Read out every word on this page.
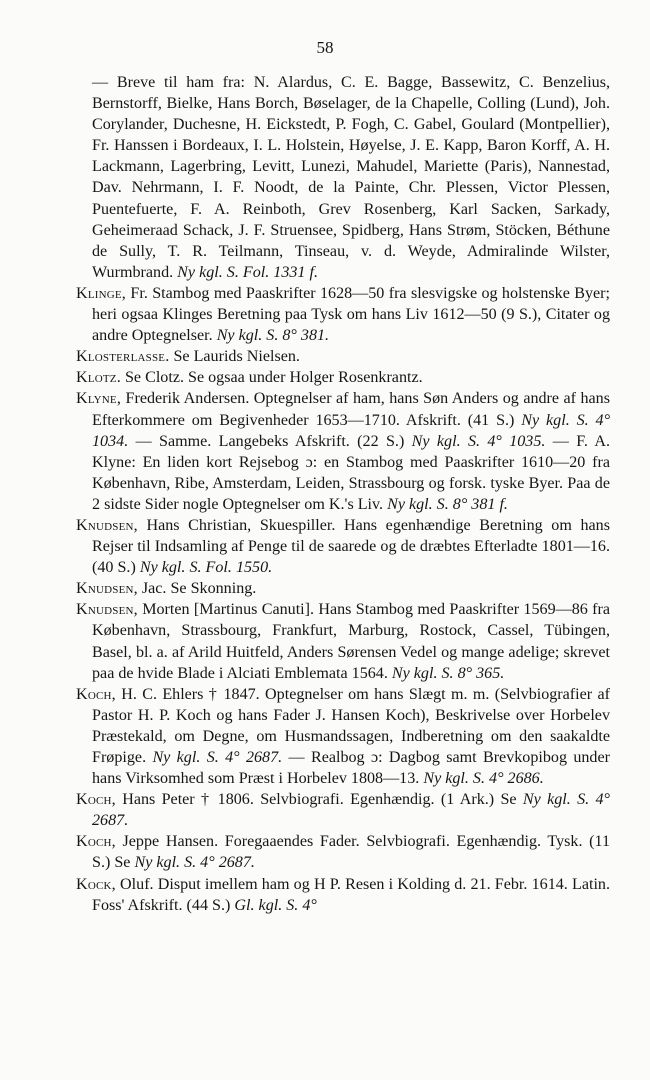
58
— Breve til ham fra: N. Alardus, C. E. Bagge, Bassewitz, C. Benzelius, Bernstorff, Bielke, Hans Borch, Bøselager, de la Chapelle, Colling (Lund), Joh. Corylander, Duchesne, H. Eickstedt, P. Fogh, C. Gabel, Goulard (Montpellier), Fr. Hanssen i Bordeaux, I. L. Holstein, Høyelse, J. E. Kapp, Baron Korff, A. H. Lackmann, Lagerbring, Levitt, Lunezi, Mahudel, Mariette (Paris), Nannestad, Dav. Nehrmann, I. F. Noodt, de la Painte, Chr. Plessen, Victor Plessen, Puentefuerte, F. A. Reinboth, Grev Rosenberg, Karl Sacken, Sarkady, Geheimeraad Schack, J. F. Struensee, Spidberg, Hans Strøm, Stöcken, Béthune de Sully, T. R. Teilmann, Tinseau, v. d. Weyde, Admiralinde Wilster, Wurmbrand. Ny kgl. S. Fol. 1331 f.
Klinge, Fr. Stambog med Paaskrifter 1628—50 fra slesvigske og holstenske Byer; heri ogsaa Klinges Beretning paa Tysk om hans Liv 1612—50 (9 S.), Citater og andre Optegnelser. Ny kgl. S. 8° 381.
Klosterlasse. Se Laurids Nielsen.
Klotz. Se Clotz. Se ogsaa under Holger Rosenkrantz.
Klyne, Frederik Andersen. Optegnelser af ham, hans Søn Anders og andre af hans Efterkommere om Begivenheder 1653—1710. Afskrift. (41 S.) Ny kgl. S. 4° 1034. — Samme. Langebeks Afskrift. (22 S.) Ny kgl. S. 4° 1035. — F. A. Klyne: En liden kort Rejsebog ɔ: en Stambog med Paaskrifter 1610—20 fra København, Ribe, Amsterdam, Leiden, Strassbourg og forsk. tyske Byer. Paa de 2 sidste Sider nogle Optegnelser om K.'s Liv. Ny kgl. S. 8° 381 f.
Knudsen, Hans Christian, Skuespiller. Hans egenhændige Beretning om hans Rejser til Indsamling af Penge til de saarede og de dræbtes Efterladte 1801—16. (40 S.) Ny kgl. S. Fol. 1550.
Knudsen, Jac. Se Skonning.
Knudsen, Morten [Martinus Canuti]. Hans Stambog med Paaskrifter 1569—86 fra København, Strassbourg, Frankfurt, Marburg, Rostock, Cassel, Tübingen, Basel, bl. a. af Arild Huitfeld, Anders Sørensen Vedel og mange adelige; skrevet paa de hvide Blade i Alciati Emblemata 1564. Ny kgl. S. 8° 365.
Koch, H. C. Ehlers † 1847. Optegnelser om hans Slægt m. m. (Selvbiografier af Pastor H. P. Koch og hans Fader J. Hansen Koch), Beskrivelse over Horbelev Præstekald, om Degne, om Husmandssagen, Indberetning om den saakaldte Frøpige. Ny kgl. S. 4° 2687. — Realbog ɔ: Dagbog samt Brevkopibog under hans Virksomhed som Præst i Horbelev 1808—13. Ny kgl. S. 4° 2686.
Koch, Hans Peter † 1806. Selvbiografi. Egenhændig. (1 Ark.) Se Ny kgl. S. 4° 2687.
Koch, Jeppe Hansen. Foregaaendes Fader. Selvbiografi. Egenhændig. Tysk. (11 S.) Se Ny kgl. S. 4° 2687.
Kock, Oluf. Disput imellem ham og H P. Resen i Kolding d. 21. Febr. 1614. Latin. Foss' Afskrift. (44 S.) Gl. kgl. S. 4°
